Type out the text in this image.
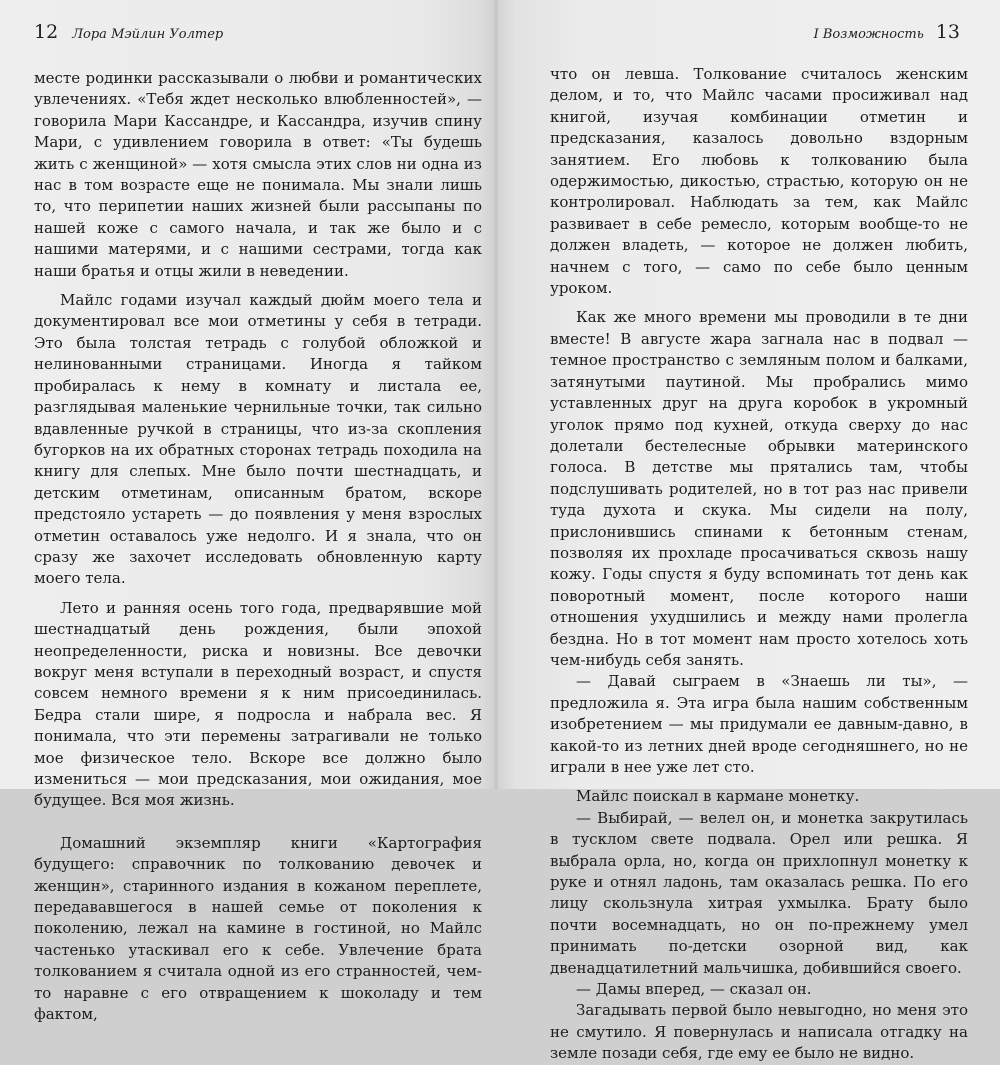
12 Лора Мэйлин Уолтер

месте родинки рассказывали о любви и романтических увлечениях. «Тебя ждет несколько влюбленностей», — говорила Мари Кассандре, и Кассандра, изучив спину Мари, с удивлением говорила в ответ: «Ты будешь жить с женщиной» — хотя смысла этих слов ни одна из нас в том возрасте еще не понимала. Мы знали лишь то, что перипетии наших жизней были рассыпаны по нашей коже с самого начала, и так же было и с нашими матерями, и с нашими сестрами, тогда как наши братья и отцы жили в неведении.

Майлс годами изучал каждый дюйм моего тела и документировал все мои отметины у себя в тетради. Это была толстая тетрадь с голубой обложкой и нелинованными страницами. Иногда я тайком пробиралась к нему в комнату и листала ее, разглядывая маленькие чернильные точки, так сильно вдавленные ручкой в страницы, что из-за скопления бугорков на их обратных сторонах тетрадь походила на книгу для слепых. Мне было почти шестнадцать, и детским отметинам, описанным братом, вскоре предстояло устареть — до появления у меня взрослых отметин оставалось уже недолго. И я знала, что он сразу же захочет исследовать обновленную карту моего тела.

Лето и ранняя осень того года, предварявшие мой шестнадцатый день рождения, были эпохой неопределенности, риска и новизны. Все девочки вокруг меня вступали в переходный возраст, и спустя совсем немного времени я к ним присоединилась. Бедра стали шире, я подросла и набрала вес. Я понимала, что эти перемены затрагивали не только мое физическое тело. Вскоре все должно было измениться — мои предсказания, мои ожидания, мое будущее. Вся моя жизнь.

Домашний экземпляр книги «Картография будущего: справочник по толкованию девочек и женщин», старинного издания в кожаном переплете, передававшегося в нашей семье от поколения к поколению, лежал на камине в гостиной, но Майлс частенько утаскивал его к себе. Увлечение брата толкованием я считала одной из его странностей, чем-то наравне с его отвращением к шоколаду и тем фактом,

I Возможность 13

что он левша. Толкование считалось женским делом, и то, что Майлс часами просиживал над книгой, изучая комбинации отметин и предсказания, казалось довольно вздорным занятием. Его любовь к толкованию была одержимостью, дикостью, страстью, которую он не контролировал. Наблюдать за тем, как Майлс развивает в себе ремесло, которым вообще-то не должен владеть, — которое не должен любить, начнем с того, — само по себе было ценным уроком.

Как же много времени мы проводили в те дни вместе! В августе жара загнала нас в подвал — темное пространство с земляным полом и балками, затянутыми паутиной. Мы пробрались мимо уставленных друг на друга коробок в укромный уголок прямо под кухней, откуда сверху до нас долетали бестелесные обрывки материнского голоса. В детстве мы прятались там, чтобы подслушивать родителей, но в тот раз нас привели туда духота и скука. Мы сидели на полу, прислонившись спинами к бетонным стенам, позволяя их прохладе просачиваться сквозь нашу кожу. Годы спустя я буду вспоминать тот день как поворотный момент, после которого наши отношения ухудшились и между нами пролегла бездна. Но в тот момент нам просто хотелось хоть чем-нибудь себя занять.

— Давай сыграем в «Знаешь ли ты», — предложила я. Эта игра была нашим собственным изобретением — мы придумали ее давным-давно, в какой-то из летних дней вроде сегодняшнего, но не играли в нее уже лет сто.

Майлс поискал в кармане монетку.

— Выбирай, — велел он, и монетка закрутилась в тусклом свете подвала. Орел или решка. Я выбрала орла, но, когда он прихлопнул монетку к руке и отнял ладонь, там оказалась решка. По его лицу скользнула хитрая ухмылка. Брату было почти восемнадцать, но он по-прежнему умел принимать по-детски озорной вид, как двенадцатилетний мальчишка, добившийся своего.

— Дамы вперед, — сказал он.

Загадывать первой было невыгодно, но меня это не смутило. Я повернулась и написала отгадку на земле позади себя, где ему ее было не видно.
